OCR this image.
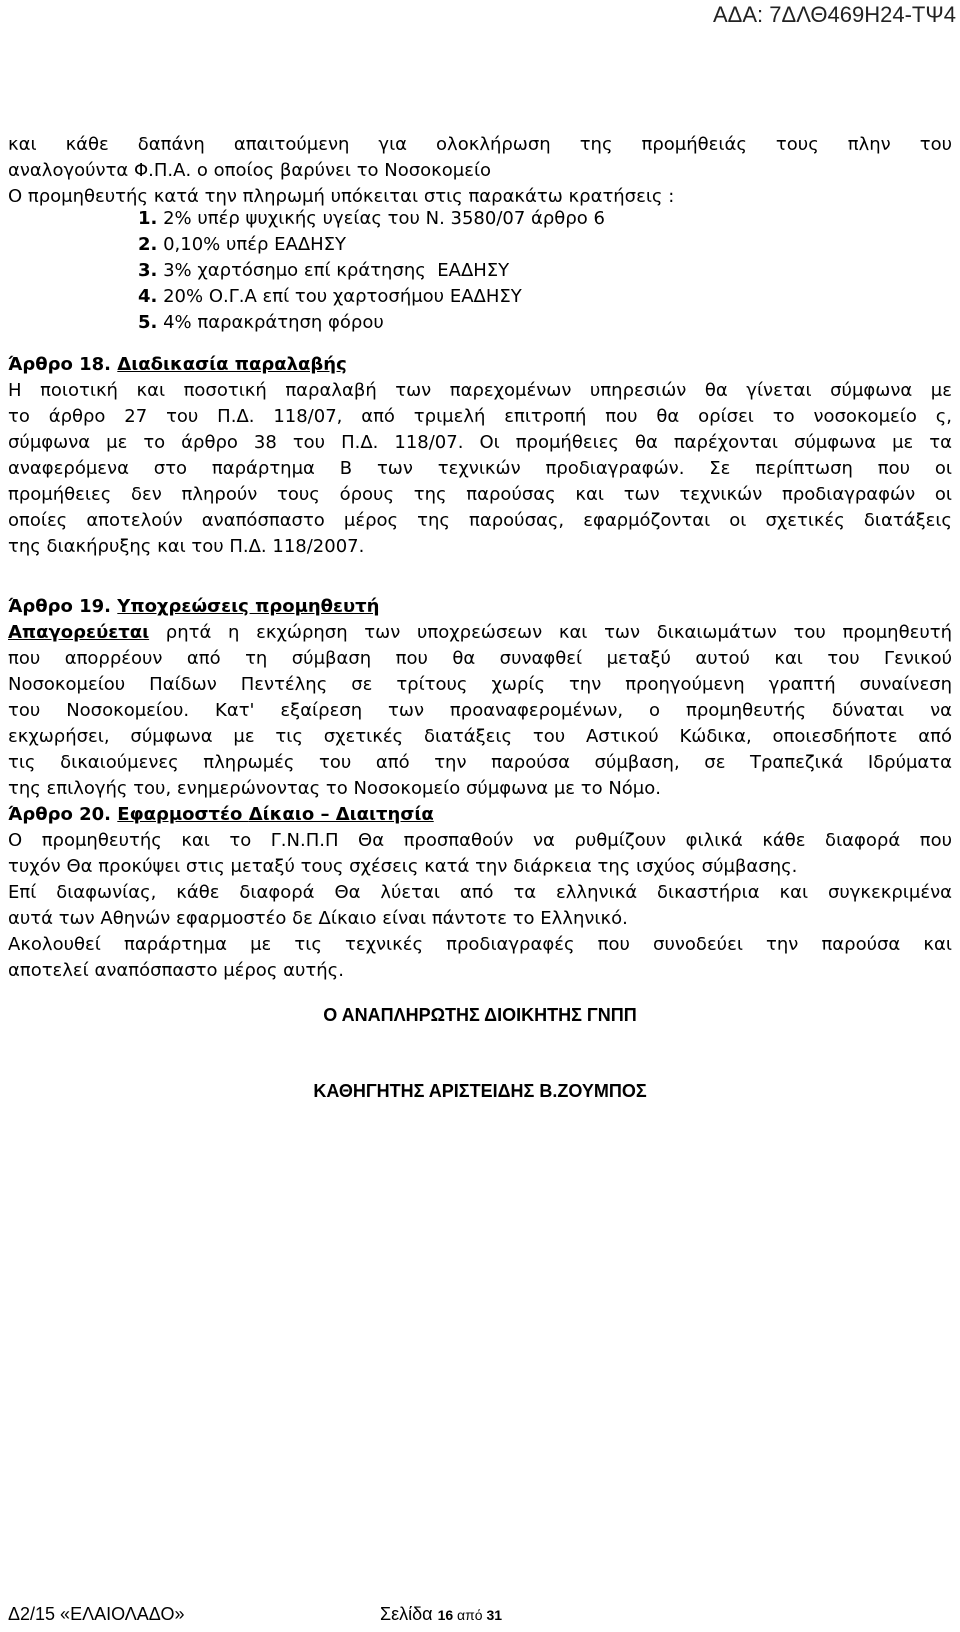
ΑΔΑ: 7ΔΛΘ469Η24-ΤΨ4
και κάθε δαπάνη απαιτούμενη για ολοκλήρωση της προμήθειάς τους πλην του
αναλογούντα Φ.Π.Α. ο οποίος βαρύνει το Νοσοκομείο
Ο προμηθευτής κατά την πληρωμή υπόκειται στις παρακάτω κρατήσεις :
1. 2% υπέρ ψυχικής υγείας του Ν. 3580/07 άρθρο 6
2. 0,10% υπέρ ΕΑΔΗΣΥ
3. 3% χαρτόσημο επί κράτησης  ΕΑΔΗΣΥ
4. 20% Ο.Γ.Α επί του χαρτοσήμου ΕΑΔΗΣΥ
5. 4% παρακράτηση φόρου
Άρθρο 18. Διαδικασία παραλαβής
Η ποιοτική και ποσοτική παραλαβή των παρεχομένων υπηρεσιών θα γίνεται σύμφωνα με
το άρθρο 27 του Π.Δ. 118/07, από τριμελή επιτροπή που θα ορίσει το νοσοκομείο ς,
σύμφωνα με το άρθρο 38 του Π.Δ. 118/07. Οι προμήθειες θα παρέχονται σύμφωνα με τα
αναφερόμενα στο παράρτημα Β των τεχνικών προδιαγραφών. Σε περίπτωση που οι
προμήθειες δεν πληρούν τους όρους της παρούσας και των τεχνικών προδιαγραφών οι
οποίες αποτελούν αναπόσπαστο μέρος της παρούσας, εφαρμόζονται οι σχετικές διατάξεις
της διακήρυξης και του Π.Δ. 118/2007.
Άρθρο 19. Υποχρεώσεις προμηθευτή
Απαγορεύεται ρητά η εκχώρηση των υποχρεώσεων και των δικαιωμάτων του προμηθευτή
που απορρέουν από τη σύμβαση που θα συναφθεί μεταξύ αυτού και του Γενικού
Νοσοκομείου Παίδων Πεντέλης σε τρίτους χωρίς την προηγούμενη γραπτή συναίνεση
του Νοσοκομείου. Κατ' εξαίρεση των προαναφερομένων, ο προμηθευτής δύναται να
εκχωρήσει, σύμφωνα με τις σχετικές διατάξεις του Αστικού Κώδικα, οποιεσδήποτε από
τις δικαιούμενες πληρωμές του από την παρούσα σύμβαση, σε Τραπεζικά Ιδρύματα
της επιλογής του, ενημερώνοντας το Νοσοκομείο σύμφωνα με το Νόμο.
Άρθρο 20. Εφαρμοστέο Δίκαιο – Διαιτησία
Ο προμηθευτής και το Γ.Ν.Π.Π Θα προσπαθούν να ρυθμίζουν φιλικά κάθε διαφορά που
τυχόν Θα προκύψει στις μεταξύ τους σχέσεις κατά την διάρκεια της ισχύος σύμβασης.
Επί διαφωνίας, κάθε διαφορά Θα λύεται από τα ελληνικά δικαστήρια και συγκεκριμένα
αυτά των Αθηνών εφαρμοστέο δε Δίκαιο είναι πάντοτε το Ελληνικό.
Ακολουθεί παράρτημα με τις τεχνικές προδιαγραφές που συνοδεύει την παρούσα και
αποτελεί αναπόσπαστο μέρος αυτής.
Ο ΑΝΑΠΛΗΡΩΤΗΣ ΔΙΟΙΚΗΤΗΣ ΓΝΠΠ
ΚΑΘΗΓΗΤΗΣ ΑΡΙΣΤΕΙΔΗΣ Β.ΖΟΥΜΠΟΣ
Δ2/15 «ΕΛΑΙΟΛΑΔΟ»	Σελίδα 16 από 31
